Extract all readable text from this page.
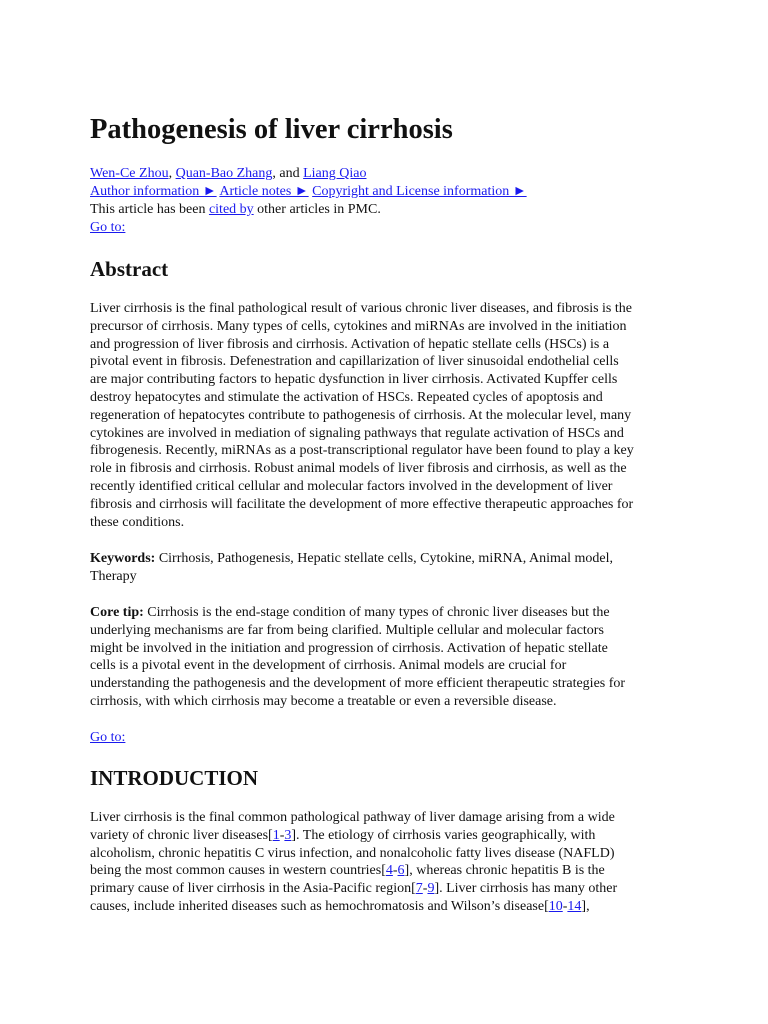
Pathogenesis of liver cirrhosis
Wen-Ce Zhou, Quan-Bao Zhang, and Liang Qiao
Author information ► Article notes ► Copyright and License information ►
This article has been cited by other articles in PMC.
Go to:
Abstract

Liver cirrhosis is the final pathological result of various chronic liver diseases, and fibrosis is the
precursor of cirrhosis. Many types of cells, cytokines and miRNAs are involved in the initiation
and progression of liver fibrosis and cirrhosis. Activation of hepatic stellate cells (HSCs) is a
pivotal event in fibrosis. Defenestration and capillarization of liver sinusoidal endothelial cells
are major contributing factors to hepatic dysfunction in liver cirrhosis. Activated Kupffer cells
destroy hepatocytes and stimulate the activation of HSCs. Repeated cycles of apoptosis and
regeneration of hepatocytes contribute to pathogenesis of cirrhosis. At the molecular level, many
cytokines are involved in mediation of signaling pathways that regulate activation of HSCs and
fibrogenesis. Recently, miRNAs as a post-transcriptional regulator have been found to play a key
role in fibrosis and cirrhosis. Robust animal models of liver fibrosis and cirrhosis, as well as the
recently identified critical cellular and molecular factors involved in the development of liver
fibrosis and cirrhosis will facilitate the development of more effective therapeutic approaches for
these conditions.

Keywords: Cirrhosis, Pathogenesis, Hepatic stellate cells, Cytokine, miRNA, Animal model,
Therapy

Core tip: Cirrhosis is the end-stage condition of many types of chronic liver diseases but the
underlying mechanisms are far from being clarified. Multiple cellular and molecular factors
might be involved in the initiation and progression of cirrhosis. Activation of hepatic stellate
cells is a pivotal event in the development of cirrhosis. Animal models are crucial for
understanding the pathogenesis and the development of more efficient therapeutic strategies for
cirrhosis, with which cirrhosis may become a treatable or even a reversible disease.

Go to:
INTRODUCTION

Liver cirrhosis is the final common pathological pathway of liver damage arising from a wide
variety of chronic liver diseases[1-3]. The etiology of cirrhosis varies geographically, with
alcoholism, chronic hepatitis C virus infection, and nonalcoholic fatty lives disease (NAFLD)
being the most common causes in western countries[4-6], whereas chronic hepatitis B is the
primary cause of liver cirrhosis in the Asia-Pacific region[7-9]. Liver cirrhosis has many other
causes, include inherited diseases such as hemochromatosis and Wilson’s disease[10-14],
